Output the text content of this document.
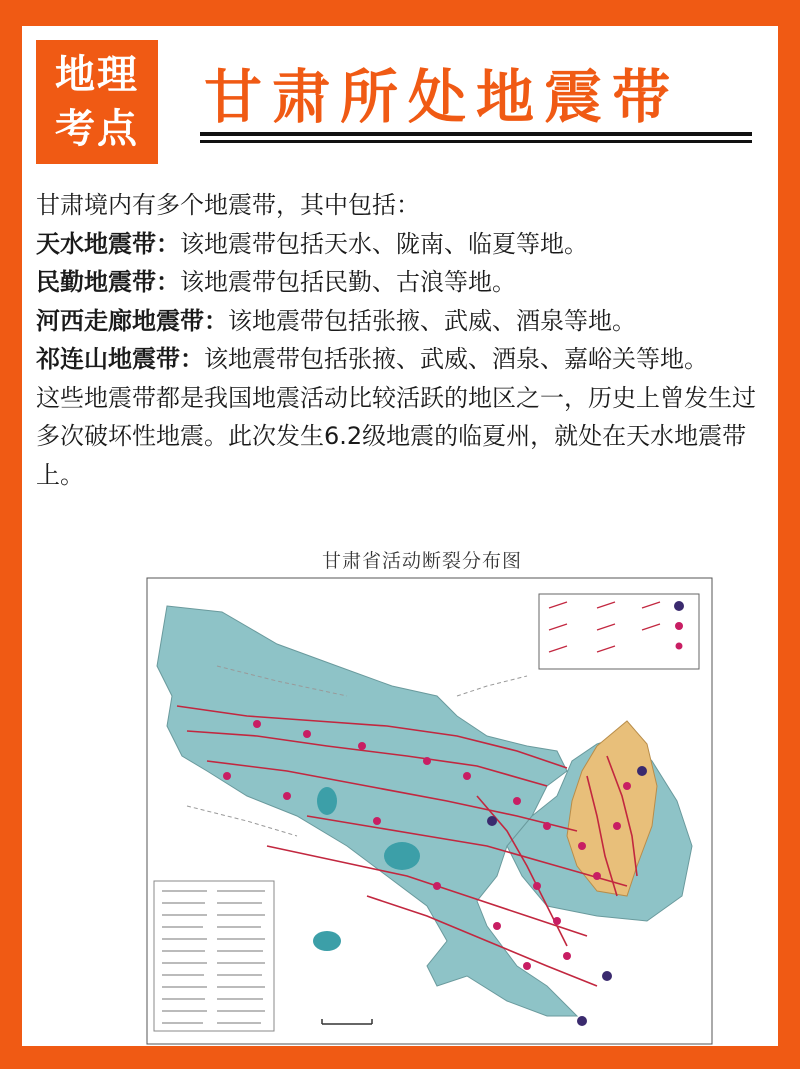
地理
考点	甘肃所处地震带

甘肃境内有多个地震带，其中包括：

天水地震带：该地震带包括天水、陇南、临夏等地。

民勤地震带：该地震带包括民勤、古浪等地。

河西走廊地震带：该地震带包括张掖、武威、酒泉等地。

祁连山地震带：该地震带包括张掖、武威、酒泉、嘉峪关等地。

这些地震带都是我国地震活动比较活跃的地区之一，历史上曾发生过多次破坏性地震。此次发生6.2级地震的临夏州，就处在天水地震带上。

甘肃省活动断裂分布图
